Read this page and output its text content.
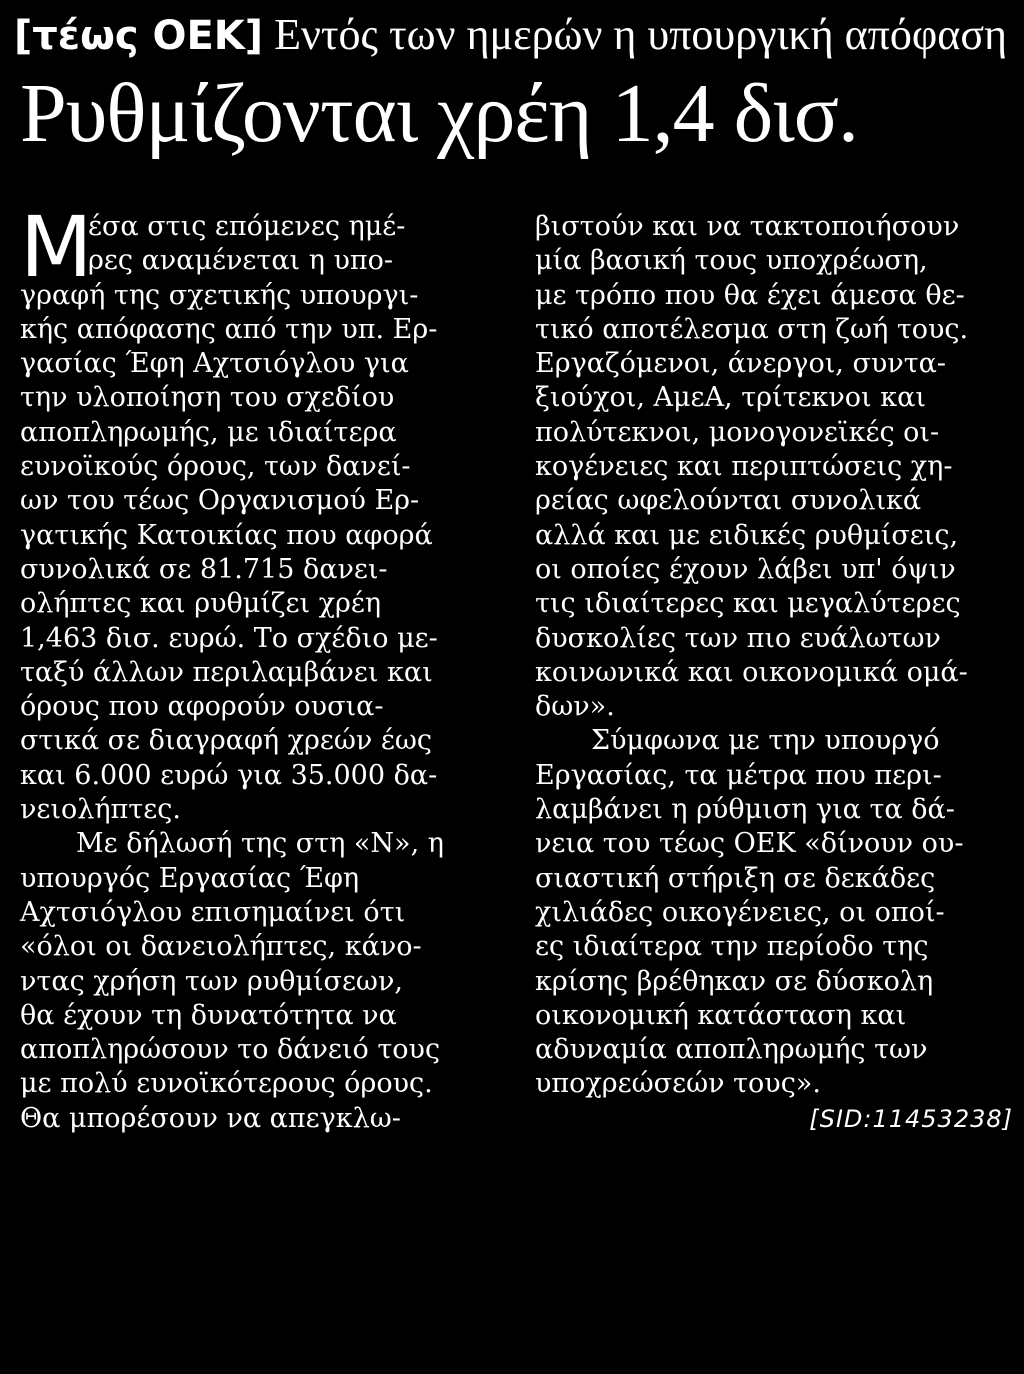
[τέως ΟΕΚ] Εντός των ημερών η υπουργική απόφαση
Ρυθμίζονται χρέη 1,4 δισ.
Μ
έσα στις επόμενες ημέ-
ρες αναμένεται η υπο-
γραφή της σχετικής υπουργι-
κής απόφασης από την υπ. Ερ-
γασίας Έφη Αχτσιόγλου για
την υλοποίηση του σχεδίου
αποπληρωμής, με ιδιαίτερα
ευνοϊκούς όρους, των δανεί-
ων του τέως Οργανισμού Ερ-
γατικής Κατοικίας που αφορά
συνολικά σε 81.715 δανει-
ολήπτες και ρυθμίζει χρέη
1,463 δισ. ευρώ. Το σχέδιο με-
ταξύ άλλων περιλαμβάνει και
όρους που αφορούν ουσια-
στικά σε διαγραφή χρεών έως
και 6.000 ευρώ για 35.000 δα-
νειολήπτες.
Με δήλωσή της στη «Ν», η
υπουργός Εργασίας Έφη
Αχτσιόγλου επισημαίνει ότι
«όλοι οι δανειολήπτες, κάνο-
ντας χρήση των ρυθμίσεων,
θα έχουν τη δυνατότητα να
αποπληρώσουν το δάνειό τους
με πολύ ευνοϊκότερους όρους.
Θα μπορέσουν να απεγκλω-
βιστούν και να τακτοποιήσουν
μία βασική τους υποχρέωση,
με τρόπο που θα έχει άμεσα θε-
τικό αποτέλεσμα στη ζωή τους.
Εργαζόμενοι, άνεργοι, συντα-
ξιούχοι, ΑμεΑ, τρίτεκνοι και
πολύτεκνοι, μονογονεϊκές οι-
κογένειες και περιπτώσεις χη-
ρείας ωφελούνται συνολικά
αλλά και με ειδικές ρυθμίσεις,
οι οποίες έχουν λάβει υπ' όψιν
τις ιδιαίτερες και μεγαλύτερες
δυσκολίες των πιο ευάλωτων
κοινωνικά και οικονομικά ομά-
δων».
Σύμφωνα με την υπουργό
Εργασίας, τα μέτρα που περι-
λαμβάνει η ρύθμιση για τα δά-
νεια του τέως ΟΕΚ «δίνουν ου-
σιαστική στήριξη σε δεκάδες
χιλιάδες οικογένειες, οι οποί-
ες ιδιαίτερα την περίοδο της
κρίσης βρέθηκαν σε δύσκολη
οικονομική κατάσταση και
αδυναμία αποπληρωμής των
υποχρεώσεών τους».
[SID:11453238]
